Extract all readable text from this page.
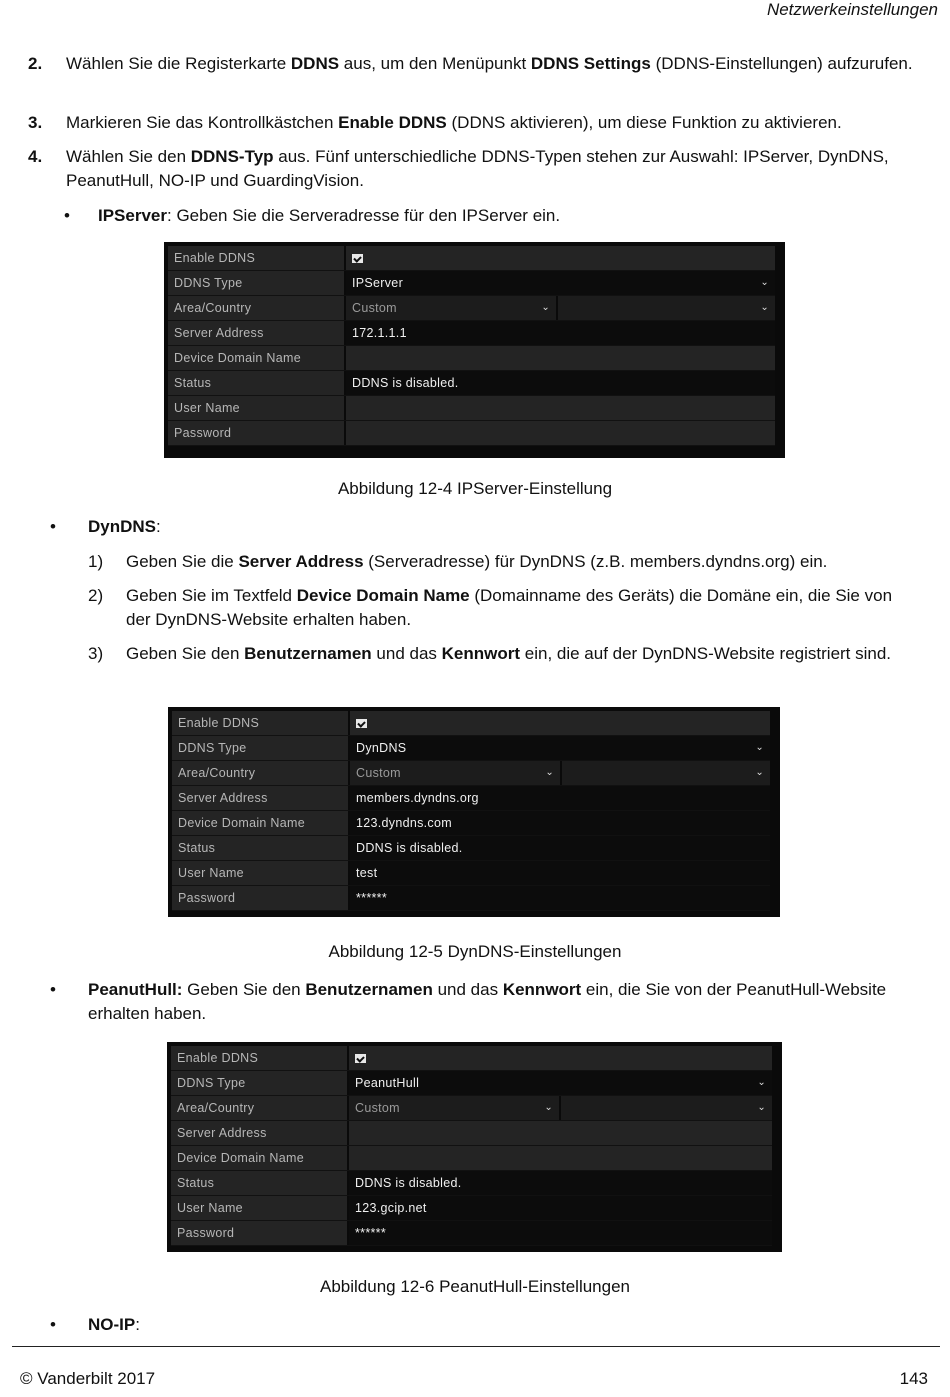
Netzwerkeinstellungen
2. Wählen Sie die Registerkarte DDNS aus, um den Menüpunkt DDNS Settings (DDNS-Einstellungen) aufzurufen.
3. Markieren Sie das Kontrollkästchen Enable DDNS (DDNS aktivieren), um diese Funktion zu aktivieren.
4. Wählen Sie den DDNS-Typ aus. Fünf unterschiedliche DDNS-Typen stehen zur Auswahl: IPServer, DynDNS, PeanutHull, NO-IP und GuardingVision.
• IPServer: Geben Sie die Serveradresse für den IPServer ein.
Enable DDNS
DDNS Type	IPServer	⌄
Area/Country	Custom	⌄	⌄
Server Address	172.1.1.1
Device Domain Name
Status	DDNS is disabled.
User Name
Password
Abbildung 12-4 IPServer-Einstellung
• DynDNS:
1) Geben Sie die Server Address (Serveradresse) für DynDNS (z.B. members.dyndns.org) ein.
2) Geben Sie im Textfeld Device Domain Name (Domainname des Geräts) die Domäne ein, die Sie von der DynDNS-Website erhalten haben.
3) Geben Sie den Benutzernamen und das Kennwort ein, die auf der DynDNS-Website registriert sind.
Enable DDNS
DDNS Type	DynDNS	⌄
Area/Country	Custom	⌄	⌄
Server Address	members.dyndns.org
Device Domain Name	123.dyndns.com
Status	DDNS is disabled.
User Name	test
Password	******
Abbildung 12-5 DynDNS-Einstellungen
• PeanutHull: Geben Sie den Benutzernamen und das Kennwort ein, die Sie von der PeanutHull-Website erhalten haben.
Enable DDNS
DDNS Type	PeanutHull	⌄
Area/Country	Custom	⌄	⌄
Server Address
Device Domain Name
Status	DDNS is disabled.
User Name	123.gcip.net
Password	******
Abbildung 12-6 PeanutHull-Einstellungen
• NO-IP:
© Vanderbilt 2017	143
